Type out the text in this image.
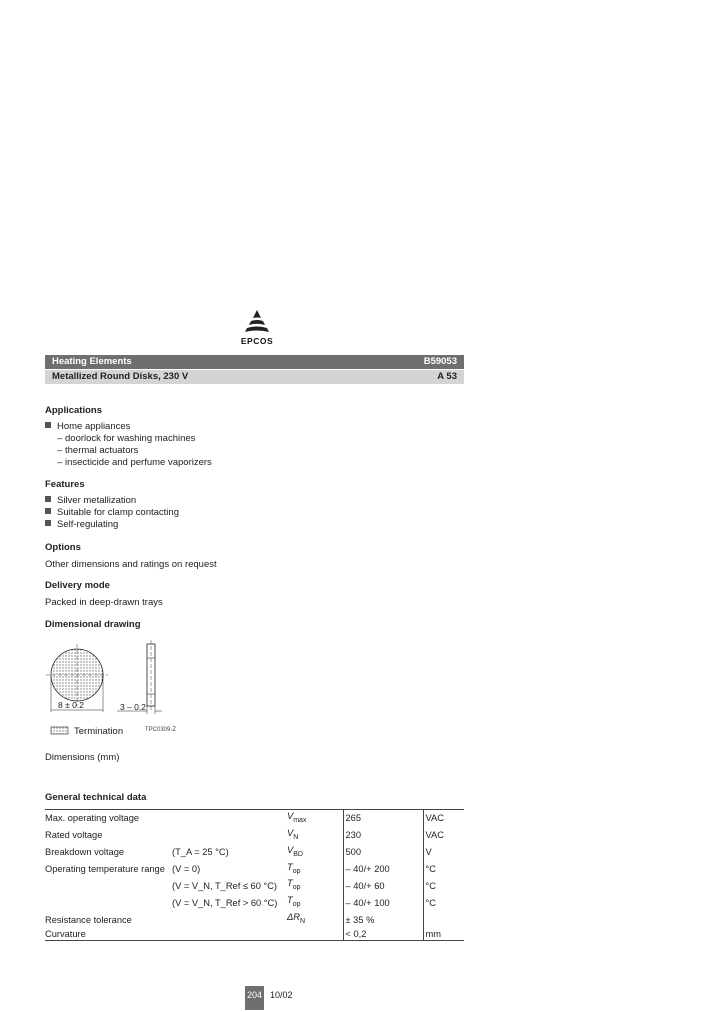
EPCOS
Heating Elements	B59053
Metallized Round Disks, 230 V	A 53
Applications
Home appliances
– doorlock for washing machines
– thermal actuators
– insecticide and perfume vaporizers
Features
Silver metallization
Suitable for clamp contacting
Self-regulating
Options
Other dimensions and ratings on request
Delivery mode
Packed in deep-drawn trays
Dimensional drawing
8 ± 0.2	3 – 0.2
Termination	TPC0309-Z
Dimensions (mm)
General technical data
Max. operating voltage		$V_{max}$	265	VAC
Rated voltage		$V_N$	230	VAC
Breakdown voltage	(T_A = 25 °C)	$V_{BD}$	500	V
Operating temperature range	(V = 0)	$T_{op}$	– 40/+ 200	°C
	(V = V_N, T_Ref ≤ 60 °C)	$T_{op}$	– 40/+ 60	°C
	(V = V_N, T_Ref > 60 °C)	$T_{op}$	– 40/+ 100	°C
Resistance tolerance		$\Delta R_N$	± 35 %	
Curvature			< 0,2	mm
204 10/02
